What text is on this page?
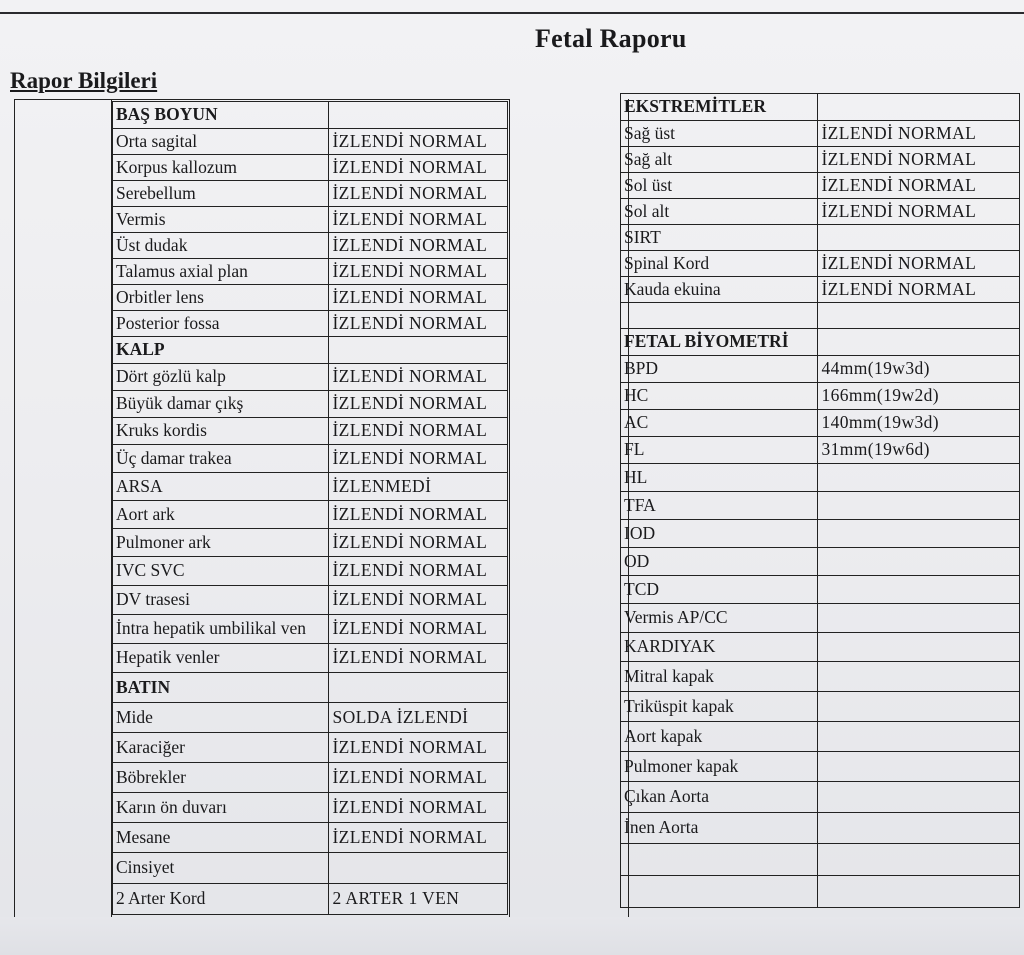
Fetal Raporu
Rapor Bilgileri
BAŞ BOYUN	
Orta sagital	İZLENDİ NORMAL
Korpus kallozum	İZLENDİ NORMAL
Serebellum	İZLENDİ NORMAL
Vermis	İZLENDİ NORMAL
Üst dudak	İZLENDİ NORMAL
Talamus axial plan	İZLENDİ NORMAL
Orbitler lens	İZLENDİ NORMAL
Posterior fossa	İZLENDİ NORMAL
KALP	
Dört gözlü kalp	İZLENDİ NORMAL
Büyük damar çıkş	İZLENDİ NORMAL
Kruks kordis	İZLENDİ NORMAL
Üç damar trakea	İZLENDİ NORMAL
ARSA	İZLENMEDİ
Aort ark	İZLENDİ NORMAL
Pulmoner ark	İZLENDİ NORMAL
IVC SVC	İZLENDİ NORMAL
DV trasesi	İZLENDİ NORMAL
İntra hepatik umbilikal ven	İZLENDİ NORMAL
Hepatik venler	İZLENDİ NORMAL
BATIN	
Mide	SOLDA İZLENDİ
Karaciğer	İZLENDİ NORMAL
Böbrekler	İZLENDİ NORMAL
Karın ön duvarı	İZLENDİ NORMAL
Mesane	İZLENDİ NORMAL
Cinsiyet	
2 Arter Kord	2 ARTER 1 VEN
EKSTREMİTLER	
Sağ üst	İZLENDİ NORMAL
Sağ alt	İZLENDİ NORMAL
Sol üst	İZLENDİ NORMAL
Sol alt	İZLENDİ NORMAL
SIRT	
Spinal Kord	İZLENDİ NORMAL
Kauda ekuina	İZLENDİ NORMAL

FETAL BİYOMETRİ	
BPD	44mm(19w3d)
HC	166mm(19w2d)
AC	140mm(19w3d)
FL	31mm(19w6d)
HL	
TFA	
IOD	
OD	
TCD	
Vermis AP/CC	
KARDIYAK	
Mitral kapak	
Triküspit kapak	
Aort kapak	
Pulmoner kapak	
Çıkan Aorta	
İnen Aorta	
